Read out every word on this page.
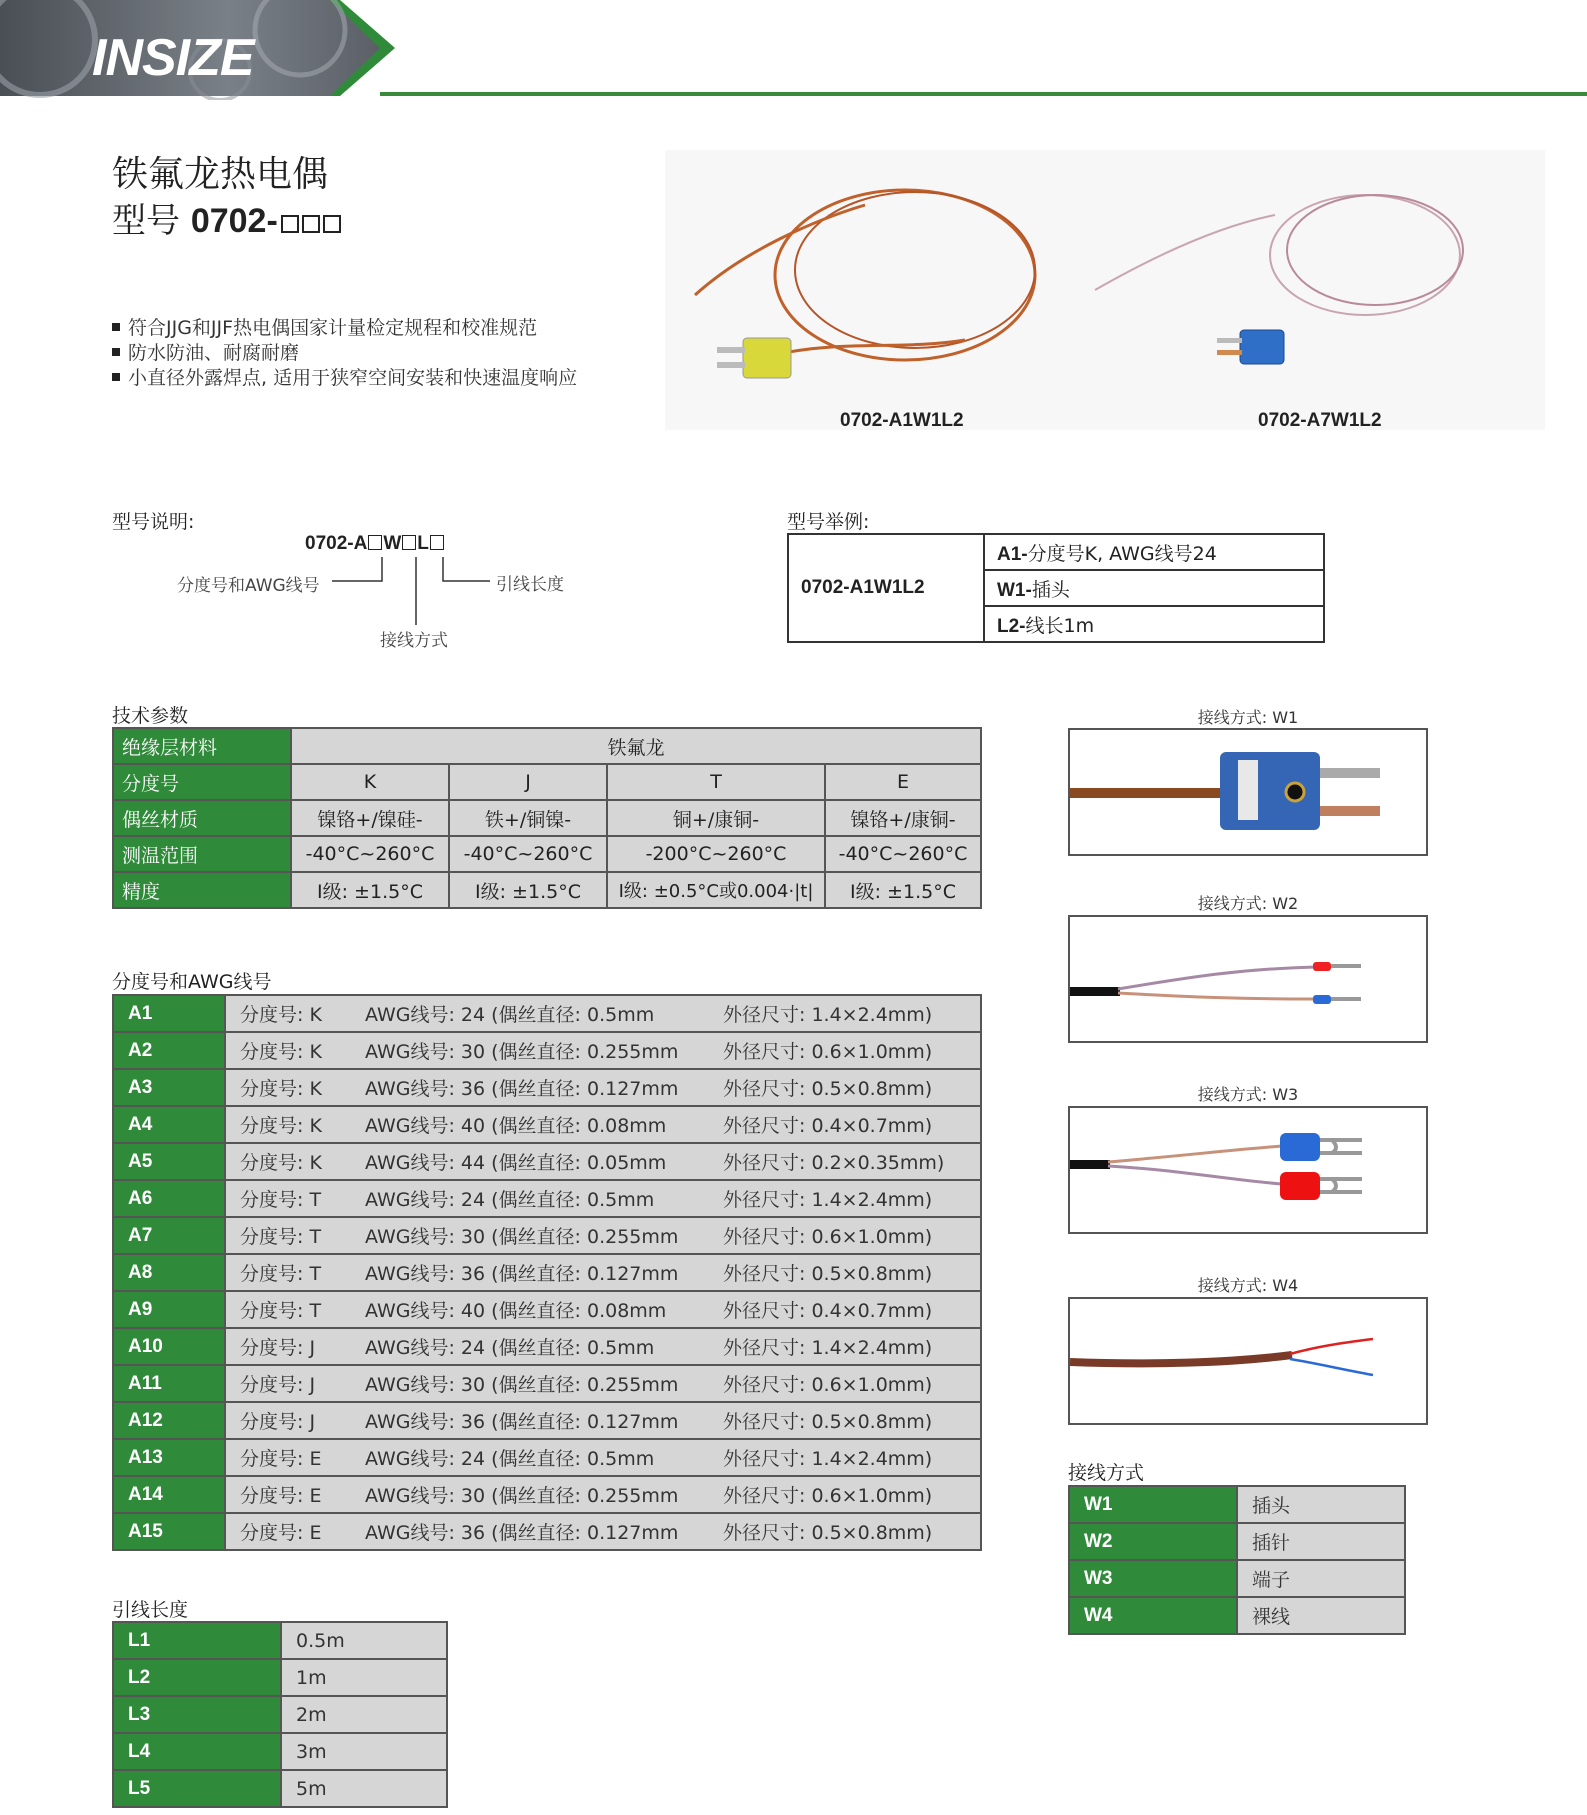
INSIZE
铁氟龙热电偶
型号 0702-
符合JJG和JJF热电偶国家计量检定规程和校准规范
防水防油、耐腐耐磨
小直径外露焊点, 适用于狭窄空间安装和快速温度响应
0702-A1W1L2	0702-A7W1L2
型号说明:
0702-A W L
分度号和AWG线号	引线长度
接线方式
型号举例:
0702-A1W1L2	A1-分度号K, AWG线号24
W1-插头
L2-线长1m
技术参数
绝缘层材料	铁氟龙			
分度号	K	J	T	E
偶丝材质	镍铬+/镍硅-	铁+/铜镍-	铜+/康铜-	镍铬+/康铜-
测温范围	-40°C~260°C	-40°C~260°C	-200°C~260°C	-40°C~260°C
精度	Ⅰ级: ±1.5°C	Ⅰ级: ±1.5°C	Ⅰ级: ±0.5°C或0.004·|t|	Ⅰ级: ±1.5°C
分度号和AWG线号
A1	分度号: K AWG线号: 24 (偶丝直径: 0.5mm 外径尺寸: 1.4×2.4mm)
A2	分度号: K AWG线号: 30 (偶丝直径: 0.255mm 外径尺寸: 0.6×1.0mm)
A3	分度号: K AWG线号: 36 (偶丝直径: 0.127mm 外径尺寸: 0.5×0.8mm)
A4	分度号: K AWG线号: 40 (偶丝直径: 0.08mm 外径尺寸: 0.4×0.7mm)
A5	分度号: K AWG线号: 44 (偶丝直径: 0.05mm 外径尺寸: 0.2×0.35mm)
A6	分度号: T AWG线号: 24 (偶丝直径: 0.5mm 外径尺寸: 1.4×2.4mm)
A7	分度号: T AWG线号: 30 (偶丝直径: 0.255mm 外径尺寸: 0.6×1.0mm)
A8	分度号: T AWG线号: 36 (偶丝直径: 0.127mm 外径尺寸: 0.5×0.8mm)
A9	分度号: T AWG线号: 40 (偶丝直径: 0.08mm 外径尺寸: 0.4×0.7mm)
A10	分度号: J AWG线号: 24 (偶丝直径: 0.5mm 外径尺寸: 1.4×2.4mm)
A11	分度号: J AWG线号: 30 (偶丝直径: 0.255mm 外径尺寸: 0.6×1.0mm)
A12	分度号: J AWG线号: 36 (偶丝直径: 0.127mm 外径尺寸: 0.5×0.8mm)
A13	分度号: E AWG线号: 24 (偶丝直径: 0.5mm 外径尺寸: 1.4×2.4mm)
A14	分度号: E AWG线号: 30 (偶丝直径: 0.255mm 外径尺寸: 0.6×1.0mm)
A15	分度号: E AWG线号: 36 (偶丝直径: 0.127mm 外径尺寸: 0.5×0.8mm)
引线长度
L1	0.5m
L2	1m
L3	2m
L4	3m
L5	5m
接线方式: W1
接线方式: W2
接线方式: W3
接线方式: W4
接线方式
W1	插头
W2	插针
W3	端子
W4	裸线
